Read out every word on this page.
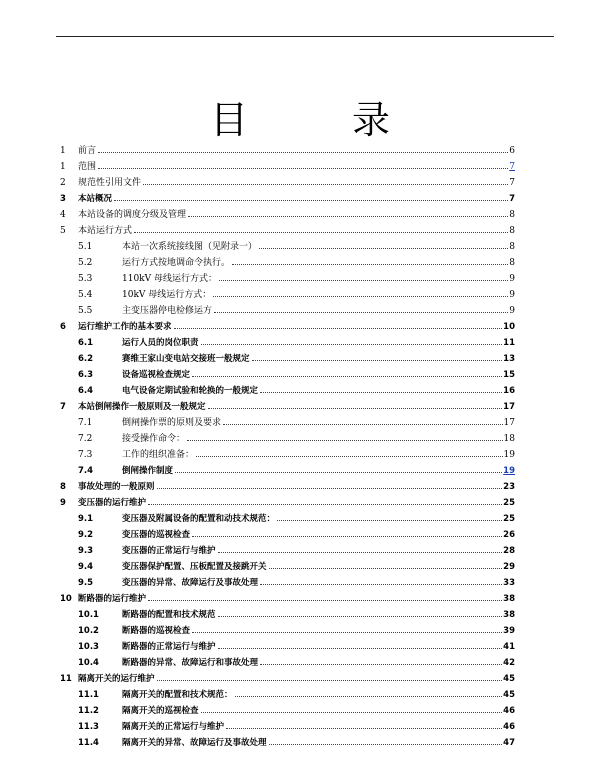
目 录
1	前言	6
1	范围	7
2	规范性引用文件	7
3	本站概况	7
4	本站设备的调度分级及管理	8
5	本站运行方式	8
5.1	本站一次系统接线图（见附录一）	8
5.2	运行方式按地调命令执行。	8
5.3	110kV 母线运行方式：	9
5.4	10kV 母线运行方式：	9
5.5	主变压器停电检修运方	9
6	运行维护工作的基本要求	10
6.1	运行人员的岗位职责	11
6.2	赛维王家山变电站交接班一般规定	13
6.3	设备巡视检查规定	15
6.4	电气设备定期试验和轮换的一般规定	16
7	本站倒闸操作一般原则及一般规定	17
7.1	倒闸操作票的原则及要求	17
7.2	接受操作命令：	18
7.3	工作的组织准备：	19
7.4	倒闸操作制度	19
8	事故处理的一般原则	23
9	变压器的运行维护	25
9.1	变压器及附属设备的配置和动技术规范：	25
9.2	变压器的巡视检查	26
9.3	变压器的正常运行与维护	28
9.4	变压器保护配置、压板配置及接跳开关	29
9.5	变压器的异常、故障运行及事故处理	33
10 断路器的运行维护	38
10.1	断路器的配置和技术规范	38
10.2	断路器的巡视检查	39
10.3	断路器的正常运行与维护	41
10.4	断路器的异常、故障运行和事故处理	42
11 隔离开关的运行维护	45
11.1	隔离开关的配置和技术规范：	45
11.2	隔离开关的巡视检查	46
11.3	隔离开关的正常运行与维护	46
11.4	隔离开关的异常、故障运行及事故处理	47
